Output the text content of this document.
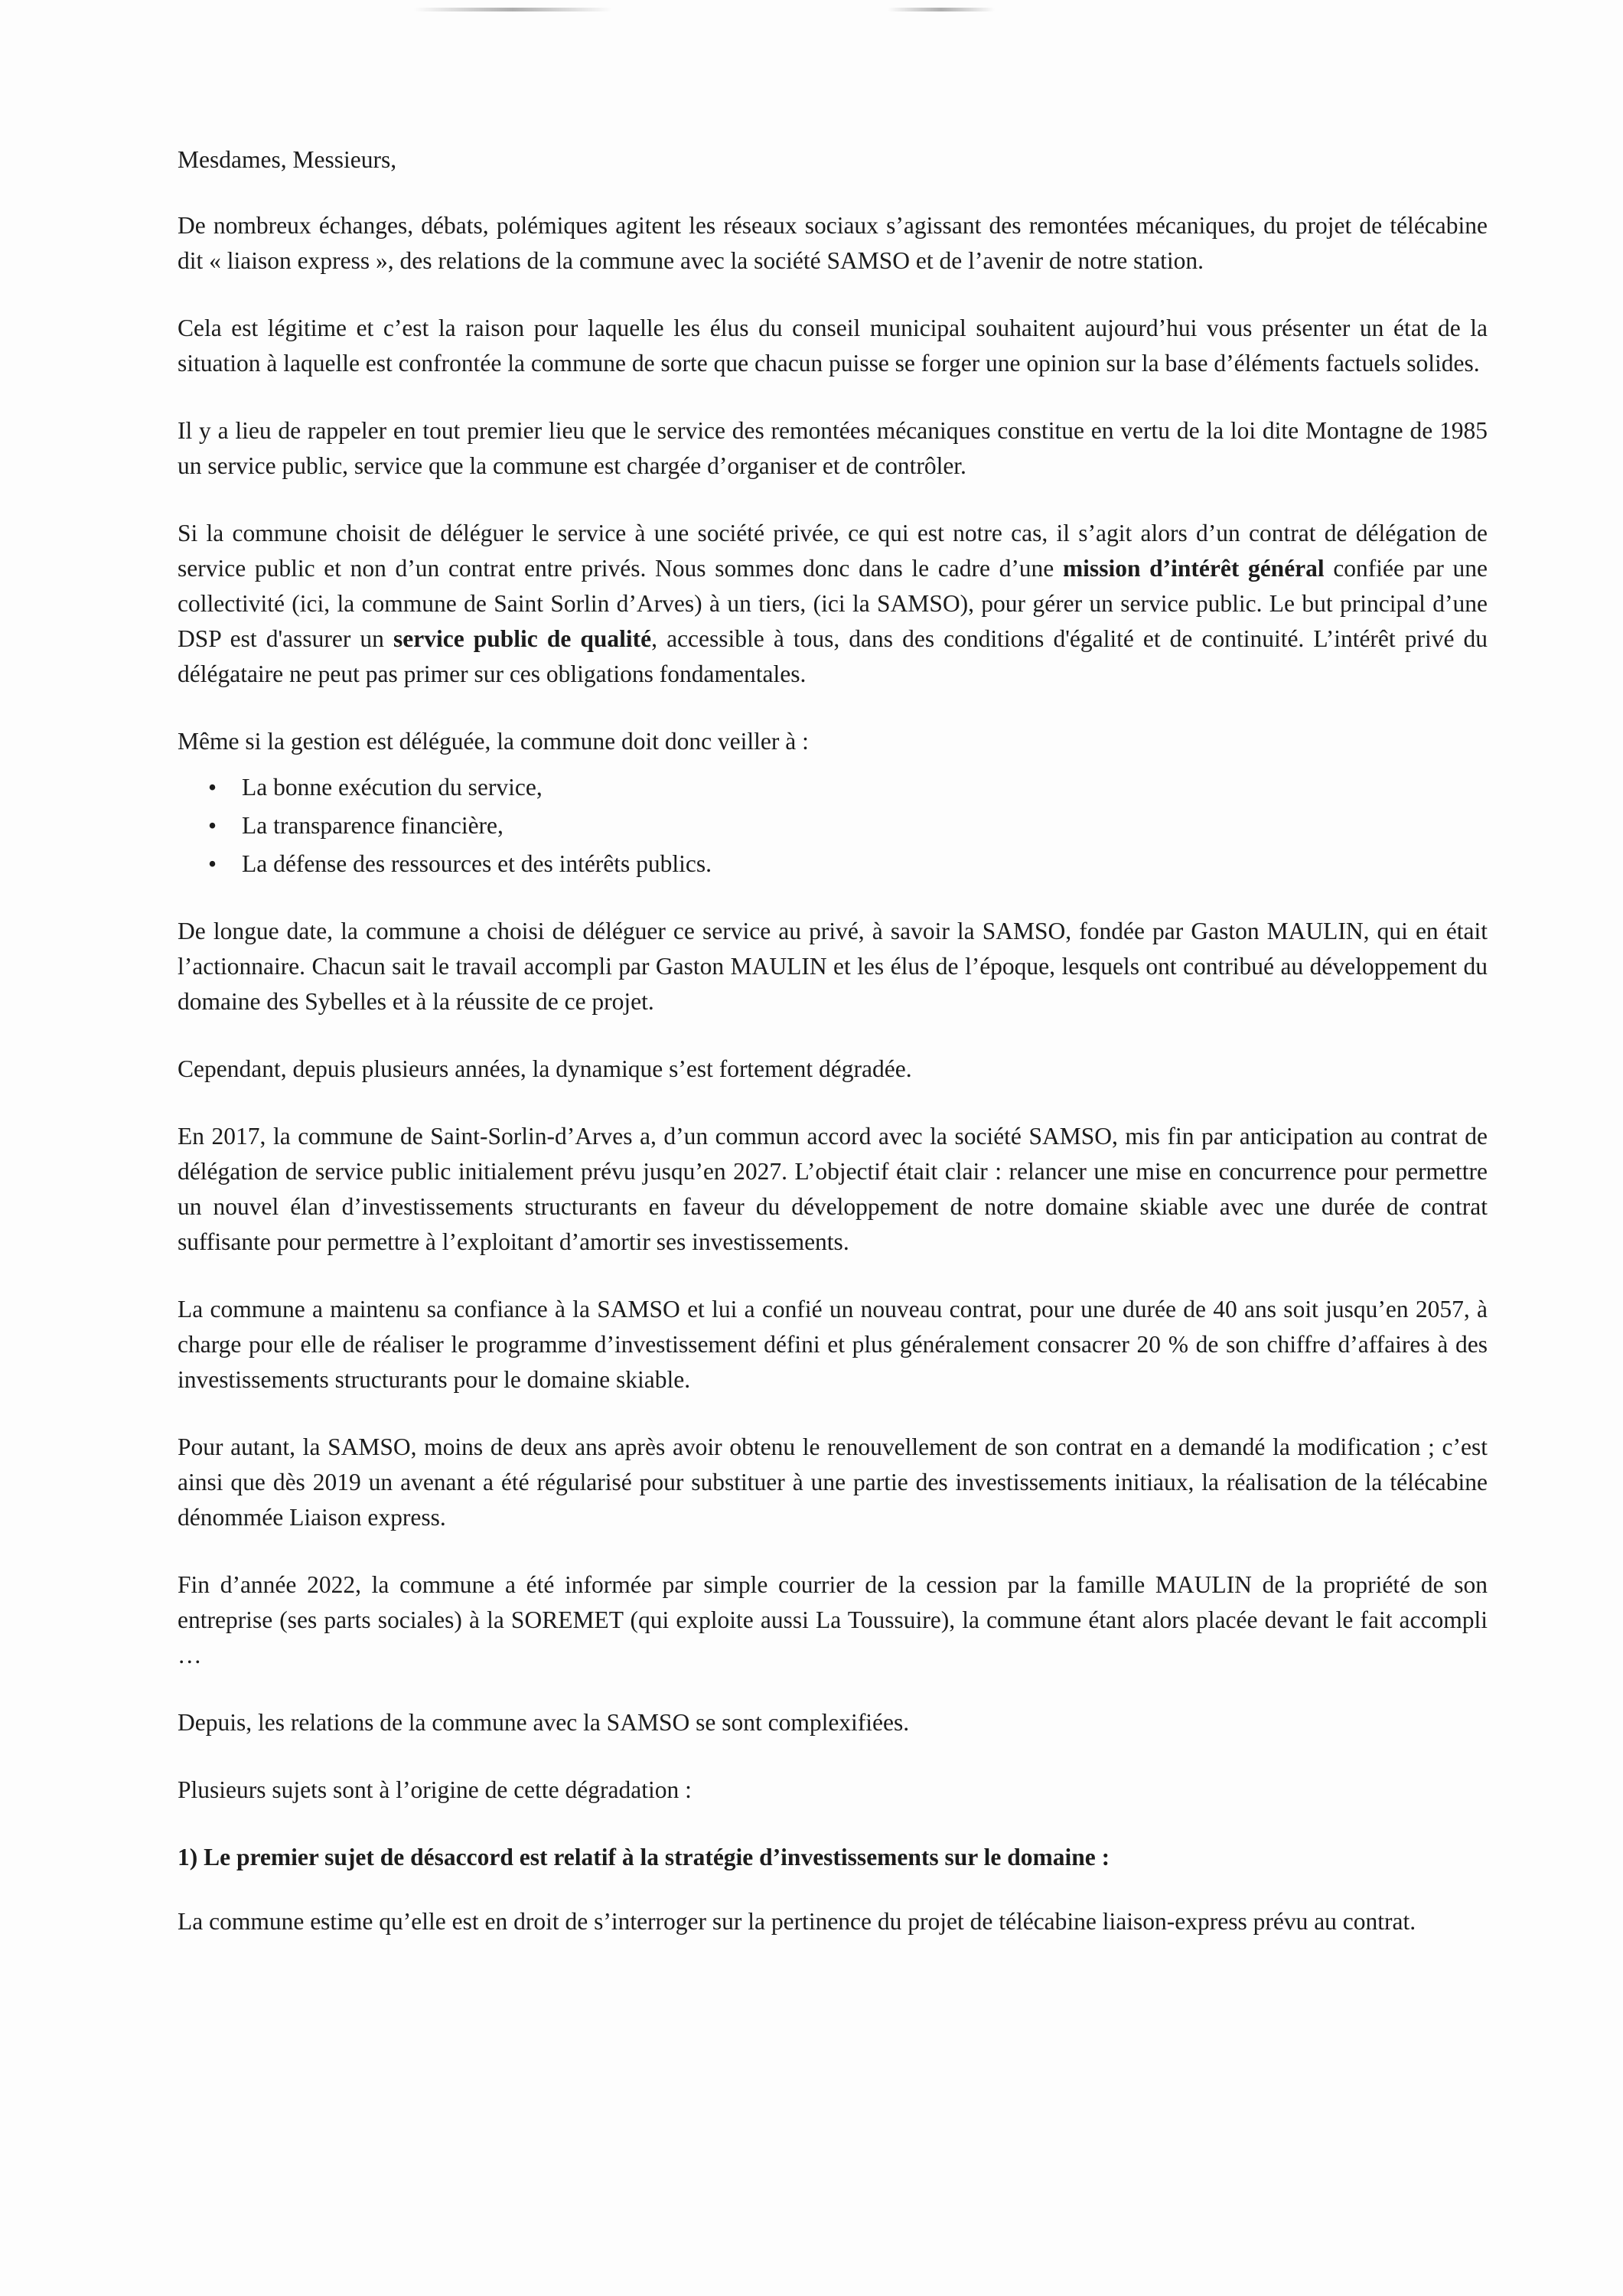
Mesdames, Messieurs,

De nombreux échanges, débats, polémiques agitent les réseaux sociaux s’agissant des remontées mécaniques, du projet de télécabine dit « liaison express », des relations de la commune avec la société SAMSO et de l’avenir de notre station.

Cela est légitime et c’est la raison pour laquelle les élus du conseil municipal souhaitent aujourd’hui vous présenter un état de la situation à laquelle est confrontée la commune de sorte que chacun puisse se forger une opinion sur la base d’éléments factuels solides.

Il y a lieu de rappeler en tout premier lieu que le service des remontées mécaniques constitue en vertu de la loi dite Montagne de 1985 un service public, service que la commune est chargée d’organiser et de contrôler.

Si la commune choisit de déléguer le service à une société privée, ce qui est notre cas, il s’agit alors d’un contrat de délégation de service public et non d’un contrat entre privés. Nous sommes donc dans le cadre d’une mission d’intérêt général confiée par une collectivité (ici, la commune de Saint Sorlin d’Arves) à un tiers, (ici la SAMSO), pour gérer un service public. Le but principal d’une DSP est d'assurer un service public de qualité, accessible à tous, dans des conditions d'égalité et de continuité. L’intérêt privé du délégataire ne peut pas primer sur ces obligations fondamentales.

Même si la gestion est déléguée, la commune doit donc veiller à :

• La bonne exécution du service,
• La transparence financière,
• La défense des ressources et des intérêts publics.

De longue date, la commune a choisi de déléguer ce service au privé, à savoir la SAMSO, fondée par Gaston MAULIN, qui en était l’actionnaire. Chacun sait le travail accompli par Gaston MAULIN et les élus de l’époque, lesquels ont contribué au développement du domaine des Sybelles et à la réussite de ce projet.

Cependant, depuis plusieurs années, la dynamique s’est fortement dégradée.

En 2017, la commune de Saint-Sorlin-d’Arves a, d’un commun accord avec la société SAMSO, mis fin par anticipation au contrat de délégation de service public initialement prévu jusqu’en 2027. L’objectif était clair : relancer une mise en concurrence pour permettre un nouvel élan d’investissements structurants en faveur du développement de notre domaine skiable avec une durée de contrat suffisante pour permettre à l’exploitant d’amortir ses investissements.

La commune a maintenu sa confiance à la SAMSO et lui a confié un nouveau contrat, pour une durée de 40 ans soit jusqu’en 2057, à charge pour elle de réaliser le programme d’investissement défini et plus généralement consacrer 20 % de son chiffre d’affaires à des investissements structurants pour le domaine skiable.

Pour autant, la SAMSO, moins de deux ans après avoir obtenu le renouvellement de son contrat en a demandé la modification ; c’est ainsi que dès 2019 un avenant a été régularisé pour substituer à une partie des investissements initiaux, la réalisation de la télécabine dénommée Liaison express.

Fin d’année 2022, la commune a été informée par simple courrier de la cession par la famille MAULIN de la propriété de son entreprise (ses parts sociales) à la SOREMET (qui exploite aussi La Toussuire), la commune étant alors placée devant le fait accompli …

Depuis, les relations de la commune avec la SAMSO se sont complexifiées.

Plusieurs sujets sont à l’origine de cette dégradation :

1) Le premier sujet de désaccord est relatif à la stratégie d’investissements sur le domaine :

La commune estime qu’elle est en droit de s’interroger sur la pertinence du projet de télécabine liaison-express prévu au contrat.
